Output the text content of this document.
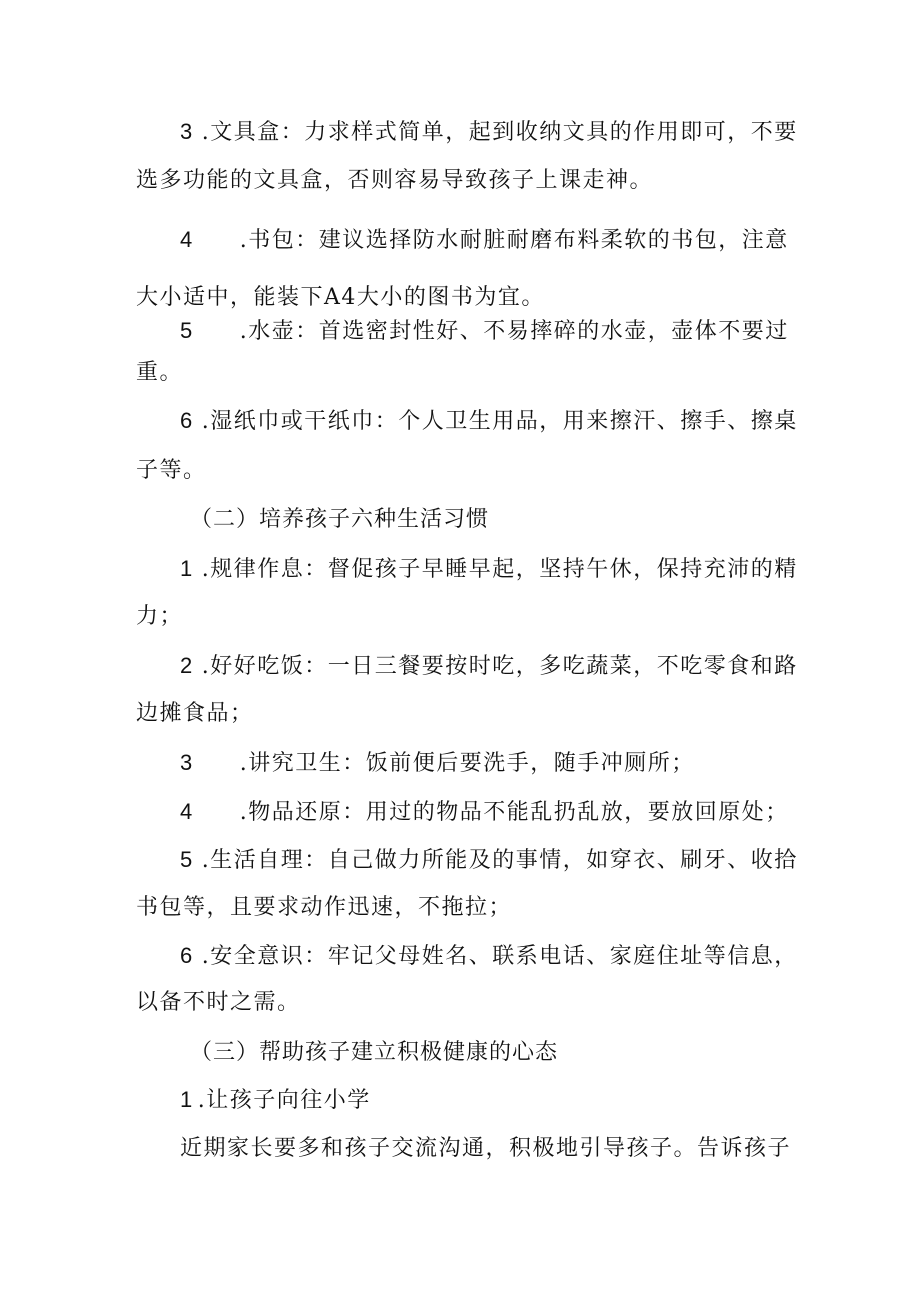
3 .文具盒：力求样式简单，起到收纳文具的作用即可，不要
选多功能的文具盒，否则容易导致孩子上课走神。
4 .书包：建议选择防水耐脏耐磨布料柔软的书包，注意
大小适中，能装下A4大小的图书为宜。
5 .水壶：首选密封性好、不易摔碎的水壶，壶体不要过
重。
6 .湿纸巾或干纸巾：个人卫生用品，用来擦汗、擦手、擦桌
子等。
（二）培养孩子六种生活习惯
1 .规律作息：督促孩子早睡早起，坚持午休，保持充沛的精
力；
2 .好好吃饭：一日三餐要按时吃，多吃蔬菜，不吃零食和路
边摊食品；
3 .讲究卫生：饭前便后要洗手，随手冲厕所；
4 .物品还原：用过的物品不能乱扔乱放，要放回原处；
5 .生活自理：自己做力所能及的事情，如穿衣、刷牙、收拾
书包等，且要求动作迅速，不拖拉；
6 .安全意识：牢记父母姓名、联系电话、家庭住址等信息，
以备不时之需。
（三）帮助孩子建立积极健康的心态
1 .让孩子向往小学
近期家长要多和孩子交流沟通，积极地引导孩子。告诉孩子
